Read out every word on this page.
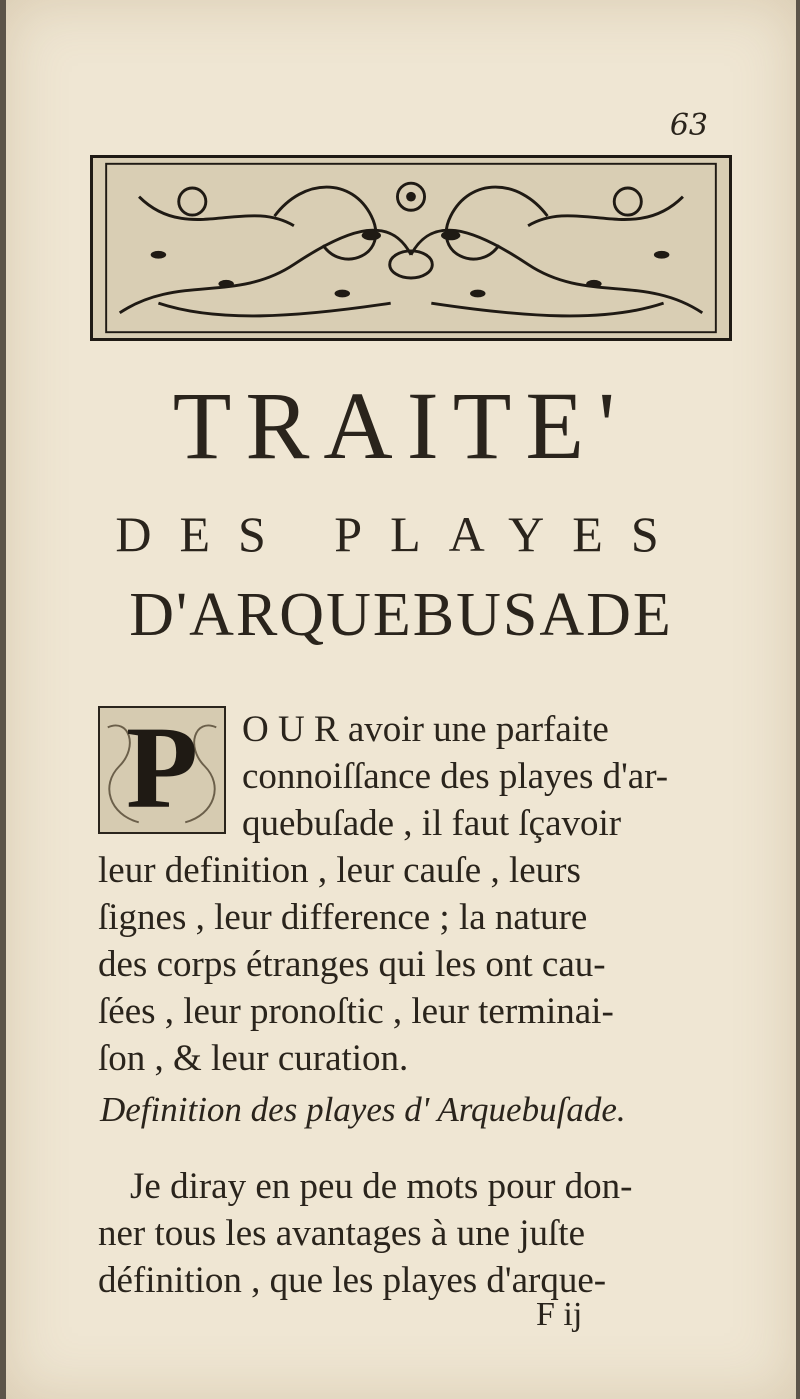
63
TRAITE'
DES PLAYES
D'ARQUEBUSADE
P	O U R avoir une parfaite
connoiſſance des playes d'ar-
quebuſade , il faut ſçavoir
leur definition , leur cauſe , leurs
ſignes , leur difference ; la nature
des corps étranges qui les ont cau-
ſées , leur pronoſtic , leur terminai-
ſon , & leur curation.
Definition des playes d' Arquebuſade.
Je diray en peu de mots pour don-
ner tous les avantages à une juſte
définition , que les playes d'arque-
F ij
